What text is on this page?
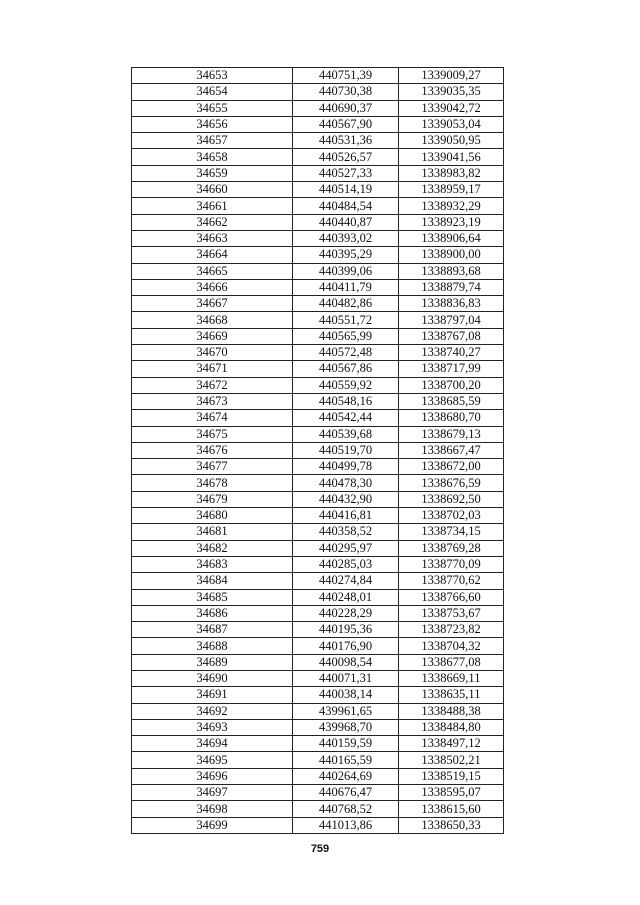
34653	440751,39	1339009,27
34654	440730,38	1339035,35
34655	440690,37	1339042,72
34656	440567,90	1339053,04
34657	440531,36	1339050,95
34658	440526,57	1339041,56
34659	440527,33	1338983,82
34660	440514,19	1338959,17
34661	440484,54	1338932,29
34662	440440,87	1338923,19
34663	440393,02	1338906,64
34664	440395,29	1338900,00
34665	440399,06	1338893,68
34666	440411,79	1338879,74
34667	440482,86	1338836,83
34668	440551,72	1338797,04
34669	440565,99	1338767,08
34670	440572,48	1338740,27
34671	440567,86	1338717,99
34672	440559,92	1338700,20
34673	440548,16	1338685,59
34674	440542,44	1338680,70
34675	440539,68	1338679,13
34676	440519,70	1338667,47
34677	440499,78	1338672,00
34678	440478,30	1338676,59
34679	440432,90	1338692,50
34680	440416,81	1338702,03
34681	440358,52	1338734,15
34682	440295,97	1338769,28
34683	440285,03	1338770,09
34684	440274,84	1338770,62
34685	440248,01	1338766,60
34686	440228,29	1338753,67
34687	440195,36	1338723,82
34688	440176,90	1338704,32
34689	440098,54	1338677,08
34690	440071,31	1338669,11
34691	440038,14	1338635,11
34692	439961,65	1338488,38
34693	439968,70	1338484,80
34694	440159,59	1338497,12
34695	440165,59	1338502,21
34696	440264,69	1338519,15
34697	440676,47	1338595,07
34698	440768,52	1338615,60
34699	441013,86	1338650,33
759
